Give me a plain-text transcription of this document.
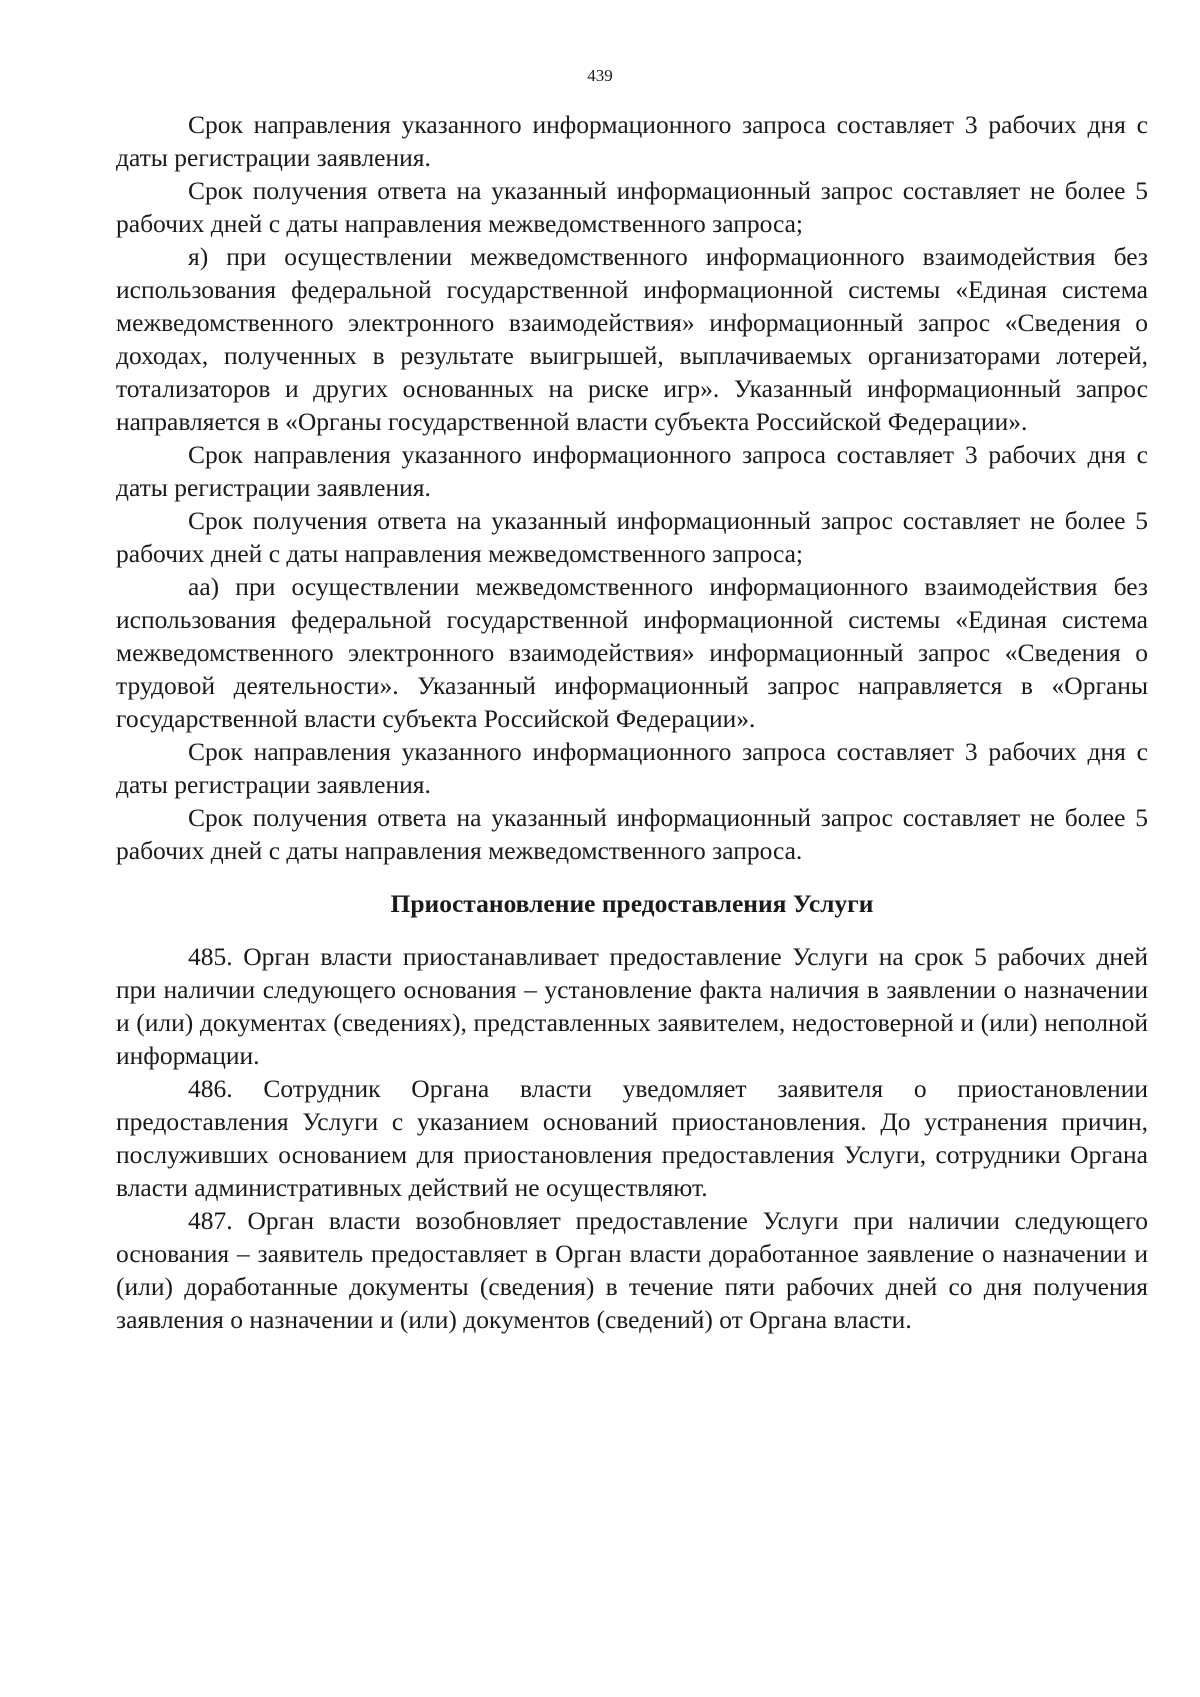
439

Срок направления указанного информационного запроса составляет 3 рабочих дня с даты регистрации заявления.

Срок получения ответа на указанный информационный запрос составляет не более 5 рабочих дней с даты направления межведомственного запроса;

я) при осуществлении межведомственного информационного взаимодействия без использования федеральной государственной информационной системы «Единая система межведомственного электронного взаимодействия» информационный запрос «Сведения о доходах, полученных в результате выигрышей, выплачиваемых организаторами лотерей, тотализаторов и других основанных на риске игр». Указанный информационный запрос направляется в «Органы государственной власти субъекта Российской Федерации».

Срок направления указанного информационного запроса составляет 3 рабочих дня с даты регистрации заявления.

Срок получения ответа на указанный информационный запрос составляет не более 5 рабочих дней с даты направления межведомственного запроса;

аа) при осуществлении межведомственного информационного взаимодействия без использования федеральной государственной информационной системы «Единая система межведомственного электронного взаимодействия» информационный запрос «Сведения о трудовой деятельности». Указанный информационный запрос направляется в «Органы государственной власти субъекта Российской Федерации».

Срок направления указанного информационного запроса составляет 3 рабочих дня с даты регистрации заявления.

Срок получения ответа на указанный информационный запрос составляет не более 5 рабочих дней с даты направления межведомственного запроса.

Приостановление предоставления Услуги

485. Орган власти приостанавливает предоставление Услуги на срок 5 рабочих дней при наличии следующего основания – установление факта наличия в заявлении о назначении и (или) документах (сведениях), представленных заявителем, недостоверной и (или) неполной информации.

486. Сотрудник Органа власти уведомляет заявителя о приостановлении предоставления Услуги с указанием оснований приостановления. До устранения причин, послуживших основанием для приостановления предоставления Услуги, сотрудники Органа власти административных действий не осуществляют.

487. Орган власти возобновляет предоставление Услуги при наличии следующего основания – заявитель предоставляет в Орган власти доработанное заявление о назначении и (или) доработанные документы (сведения) в течение пяти рабочих дней со дня получения заявления о назначении и (или) документов (сведений) от Органа власти.
